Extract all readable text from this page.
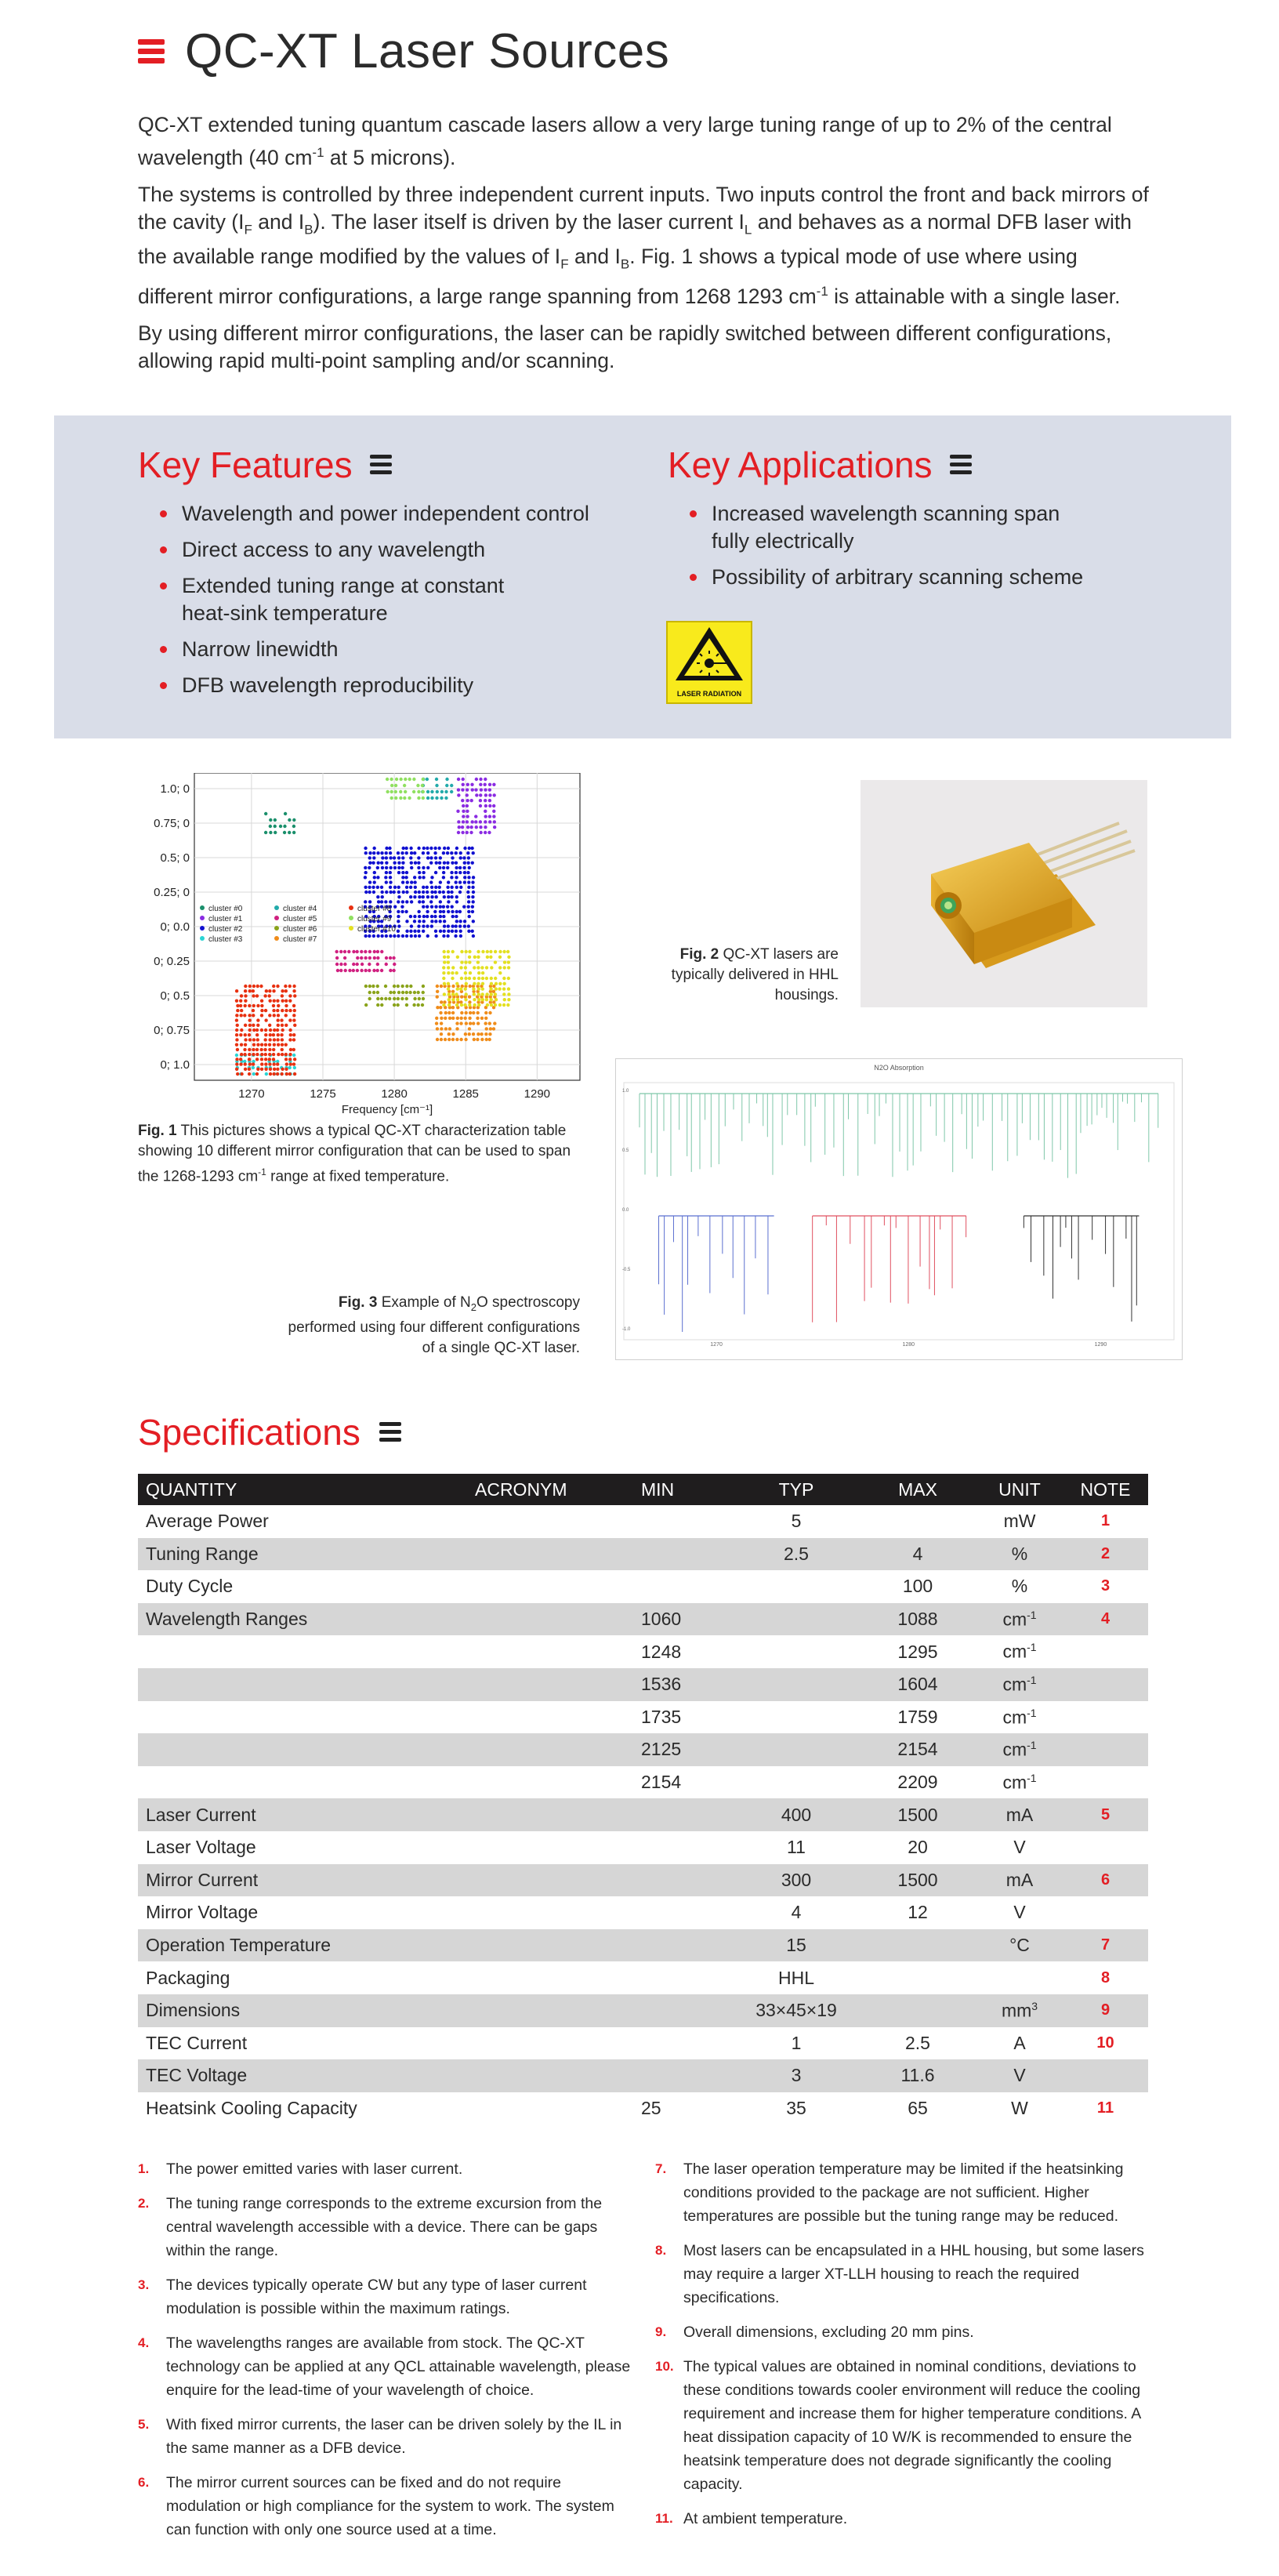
QC-XT Laser Sources

QC-XT extended tuning quantum cascade lasers allow a very large tuning range of up to 2% of the central wavelength (40 $cm^{-1}$ at 5 microns).

The systems is controlled by three independent current inputs. Two inputs control the front and back mirrors of the cavity ($I_F$ and $I_B$). The laser itself is driven by the laser current $I_L$ and behaves as a normal DFB laser with the available range modified by the values of $I_F$ and $I_B$. Fig. 1 shows a typical mode of use where using different mirror configurations, a large range spanning from 1268 1293 $cm^{-1}$ is attainable with a single laser.

By using different mirror configurations, the laser can be rapidly switched between different configurations, allowing rapid multi-point sampling and/or scanning.

Key Features
Wavelength and power independent control
Direct access to any wavelength
Extended tuning range at constant heat-sink temperature
Narrow linewidth
DFB wavelength reproducibility
Key Applications
Increased wavelength scanning span fully electrically
Possibility of arbitrary scanning scheme
LASER RADIATION
1270	1275	1280	1285	1290
1.0; 0
0.75; 0
0.5; 0
0.25; 0
0; 0.0
0; 0.25
0; 0.5
0; 0.75
0; 1.0
Frequency [cm⁻¹]
cluster #0
cluster #1
cluster #2
cluster #3
cluster #4
cluster #5
cluster #6
cluster #7
cluster #8
cluster #9
cluster #10
Fig. 1 This pictures shows a typical QC-XT characterization table showing 10 different mirror configuration that can be used to span the 1268-1293 $cm^{-1}$ range at fixed temperature.
Fig. 2 QC-XT lasers are typically delivered in HHL housings.
N2O Absorption
1.0
0.5
0.0
-0.5
-1.0
1270	1280	1290
Fig. 3 Example of $N_2O$ spectroscopy performed using four different configurations of a single QC-XT laser.
Specifications
QUANTITY	ACRONYM	MIN	TYP	MAX	UNIT	NOTE
Average Power			5		mW	1
Tuning Range			2.5	4	%	2
Duty Cycle				100	%	3
Wavelength Ranges		1060		1088	$cm^{-1}$	4
		1248		1295	$cm^{-1}$	
		1536		1604	$cm^{-1}$	
		1735		1759	$cm^{-1}$	
		2125		2154	$cm^{-1}$	
		2154		2209	$cm^{-1}$	
Laser Current			400	1500	mA	5
Laser Voltage			11	20	V	
Mirror Current			300	1500	mA	6
Mirror Voltage			4	12	V	
Operation Temperature			15		°C	7
Packaging			HHL			8
Dimensions			33×45×19		$mm^3$	9
TEC Current			1	2.5	A	10
TEC Voltage			3	11.6	V	
Heatsink Cooling Capacity		25	35	65	W	11
1. The power emitted varies with laser current.
2. The tuning range corresponds to the extreme excursion from the central wavelength accessible with a device. There can be gaps within the range.
3. The devices typically operate CW but any type of laser current modulation is possible within the maximum ratings.
4. The wavelengths ranges are available from stock. The QC-XT technology can be applied at any QCL attainable wavelength, please enquire for the lead-time of your wavelength of choice.
5. With fixed mirror currents, the laser can be driven solely by the IL in the same manner as a DFB device.
6. The mirror current sources can be fixed and do not require modulation or high compliance for the system to work. The system can function with only one source used at a time.
7. The laser operation temperature may be limited if the heatsinking conditions provided to the package are not sufficient. Higher temperatures are possible but the tuning range may be reduced.
8. Most lasers can be encapsulated in a HHL housing, but some lasers may require a larger XT-LLH housing to reach the required specifications.
9. Overall dimensions, excluding 20 mm pins.
10. The typical values are obtained in nominal conditions, deviations to these conditions towards cooler environment will reduce the cooling requirement and increase them for higher temperature conditions. A heat dissipation capacity of 10 W/K is recommended to ensure the heatsink temperature does not degrade significantly the cooling capacity.
11. At ambient temperature.
